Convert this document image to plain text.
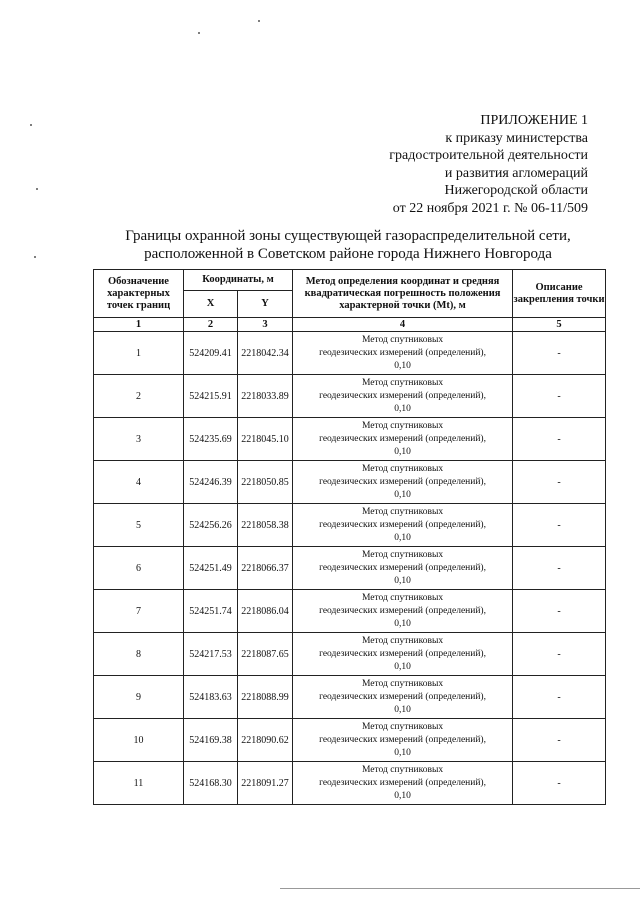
ПРИЛОЖЕНИЕ 1
к приказу министерства
градостроительной деятельности
и развития агломераций
Нижегородской области
от 22 ноября 2021 г. № 06-11/509
Границы охранной зоны существующей газораспределительной сети,
расположенной в Советском районе города Нижнего Новгорода
Обозначение характерных точек границ	Координаты, м		Метод определения координат и средняя квадратическая погрешность положения характерной точки (Mt), м	Описание закрепления точки
	X	Y		
1	2	3	4	5
1	524209.41	2218042.34	Метод спутниковых
геодезических измерений (определений),
0,10	-
2	524215.91	2218033.89	Метод спутниковых
геодезических измерений (определений),
0,10	-
3	524235.69	2218045.10	Метод спутниковых
геодезических измерений (определений),
0,10	-
4	524246.39	2218050.85	Метод спутниковых
геодезических измерений (определений),
0,10	-
5	524256.26	2218058.38	Метод спутниковых
геодезических измерений (определений),
0,10	-
6	524251.49	2218066.37	Метод спутниковых
геодезических измерений (определений),
0,10	-
7	524251.74	2218086.04	Метод спутниковых
геодезических измерений (определений),
0,10	-
8	524217.53	2218087.65	Метод спутниковых
геодезических измерений (определений),
0,10	-
9	524183.63	2218088.99	Метод спутниковых
геодезических измерений (определений),
0,10	-
10	524169.38	2218090.62	Метод спутниковых
геодезических измерений (определений),
0,10	-
11	524168.30	2218091.27	Метод спутниковых
геодезических измерений (определений),
0,10	-
